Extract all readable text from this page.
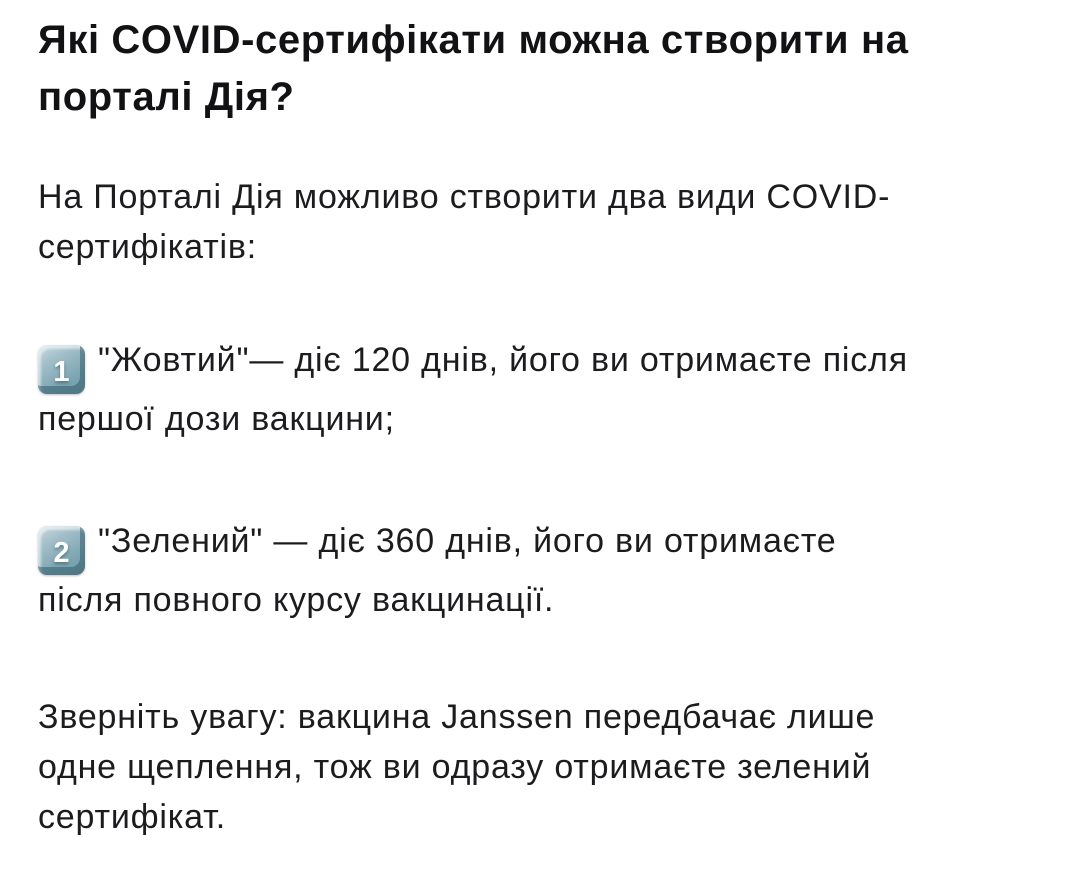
Які COVID-сертифікати можна створити на
порталі Дія?

На Порталі Дія можливо створити два види COVID-
сертифікатів:

1 "Жовтий"— діє 120 днів, його ви отримаєте після
першої дози вакцини;
2 "Зелений" — діє 360 днів, його ви отримаєте
після повного курсу вакцинації.

Зверніть увагу: вакцина Janssen передбачає лише
одне щеплення, тож ви одразу отримаєте зелений
сертифікат.
